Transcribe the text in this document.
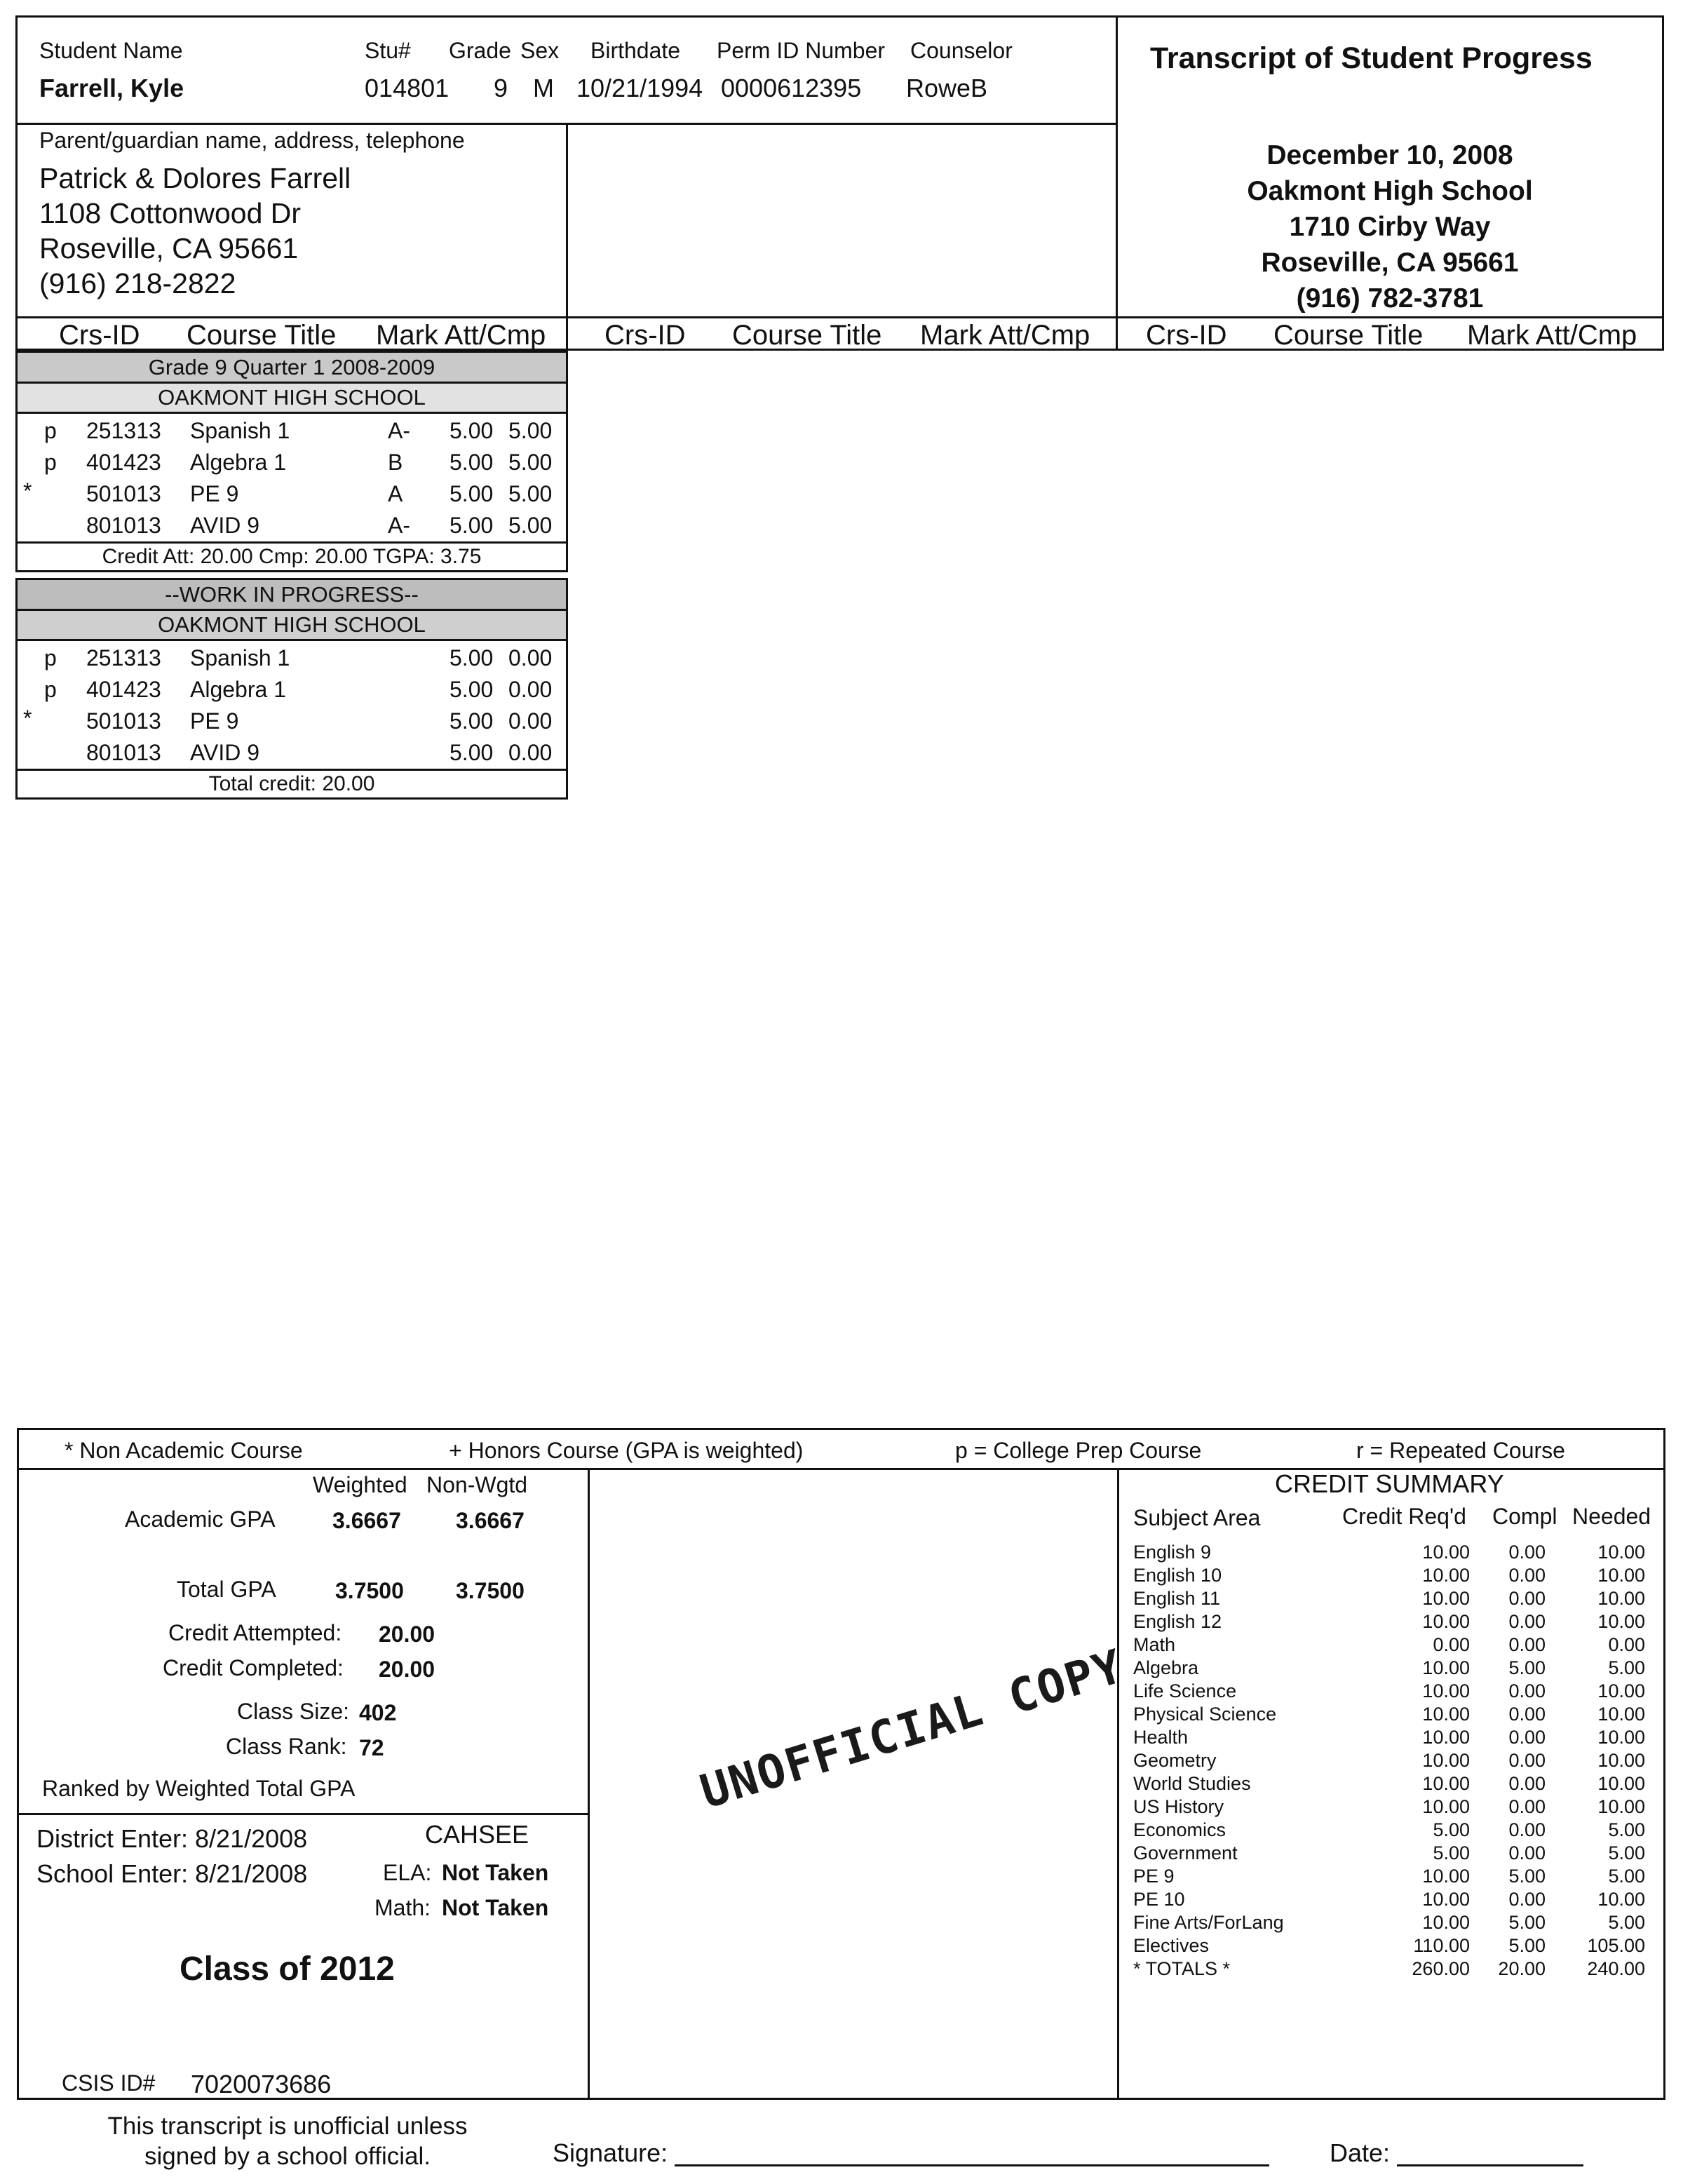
Student Name	Stu# Grade Sex Birthdate Perm ID Number Counselor
Farrell, Kyle	014801 9 M 10/21/1994 0000612395 RoweB
Transcript of Student Progress
Parent/guardian name, address, telephone
Patrick & Dolores Farrell
1108 Cottonwood Dr
Roseville, CA 95661
(916) 218-2822
December 10, 2008
Oakmont High School
1710 Cirby Way
Roseville, CA 95661
(916) 782-3781
Crs-ID Course Title Mark Att/Cmp Crs-ID Course Title Mark Att/Cmp Crs-ID Course Title Mark Att/Cmp
Grade 9 Quarter 1 2008-2009
OAKMONT HIGH SCHOOL
p 251313 Spanish 1	A- 5.00 5.00
p 401423 Algebra 1	B 5.00 5.00
* 501013 PE 9	A 5.00 5.00
801013 AVID 9	A- 5.00 5.00
Credit Att: 20.00 Cmp: 20.00 TGPA: 3.75
--WORK IN PROGRESS--
OAKMONT HIGH SCHOOL
p 251313 Spanish 1	5.00 0.00
p 401423 Algebra 1	5.00 0.00
* 501013 PE 9	5.00 0.00
801013 AVID 9	5.00 0.00
Total credit: 20.00
* Non Academic Course	+ Honors Course (GPA is weighted)	p = College Prep Course	r = Repeated Course
Weighted Non-Wgtd
Academic GPA	3.6667 3.6667
Total GPA	3.7500 3.7500
Credit Attempted: 20.00
Credit Completed: 20.00
Class Size: 402
Class Rank: 72
Ranked by Weighted Total GPA
District Enter: 8/21/2008
School Enter: 8/21/2008
CAHSEE
ELA: Not Taken
Math: Not Taken
Class of 2012
CSIS ID# 7020073686
UNOFFICIAL COPY
CREDIT SUMMARY
Subject Area	Credit Req'd Compl Needed
English 9	10.00	0.00	10.00
English 10	10.00	0.00	10.00
English 11	10.00	0.00	10.00
English 12	10.00	0.00	10.00
Math	0.00	0.00	0.00
Algebra	10.00	5.00	5.00
Life Science	10.00	0.00	10.00
Physical Science	10.00	0.00	10.00
Health	10.00	0.00	10.00
Geometry	10.00	0.00	10.00
World Studies	10.00	0.00	10.00
US History	10.00	0.00	10.00
Economics	5.00	0.00	5.00
Government	5.00	0.00	5.00
PE 9	10.00	5.00	5.00
PE 10	10.00	0.00	10.00
Fine Arts/ForLang	10.00	5.00	5.00
Electives	110.00	5.00	105.00
* TOTALS *	260.00	20.00	240.00
This transcript is unofficial unless
signed by a school official.	Signature:	Date:
